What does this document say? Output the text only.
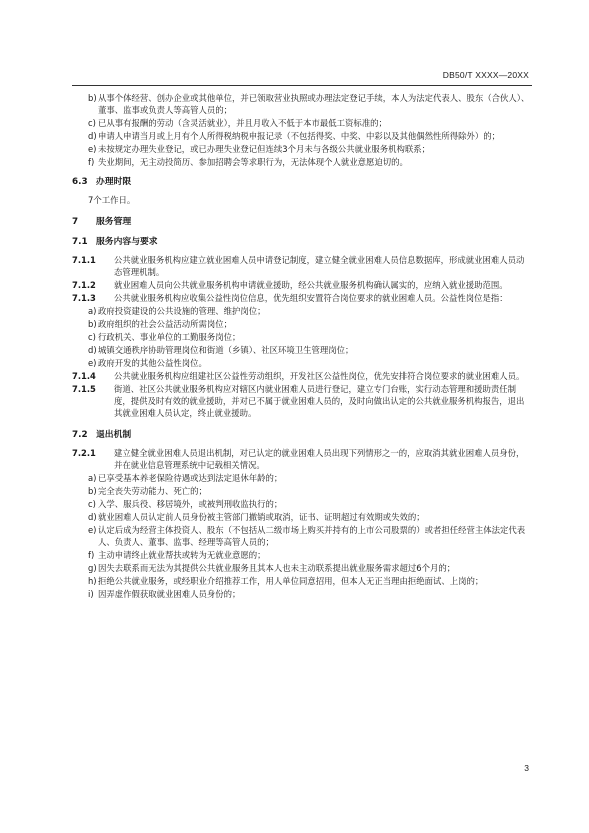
DB50/T XXXX—20XX
b) 从事个体经营、创办企业或其他单位，并已领取营业执照或办理法定登记手续，本人为法定代表人、股东（合伙人）、董事、监事或负责人等高管人员的；
c) 已从事有报酬的劳动（含灵活就业），并且月收入不低于本市最低工资标准的；
d) 申请人申请当月或上月有个人所得税纳税申报记录（不包括得奖、中奖、中彩以及其他偶然性所得除外）的；
e) 未按规定办理失业登记，或已办理失业登记但连续3个月未与各级公共就业服务机构联系；
f) 失业期间，无主动投简历、参加招聘会等求职行为，无法体现个人就业意愿迫切的。
6.3 办理时限
7个工作日。
7	服务管理
7.1 服务内容与要求
7.1.1	公共就业服务机构应建立就业困难人员申请登记制度，建立健全就业困难人员信息数据库，形成就业困难人员动态管理机制。
7.1.2	就业困难人员向公共就业服务机构申请就业援助，经公共就业服务机构确认属实的，应纳入就业援助范围。
7.1.3	公共就业服务机构应收集公益性岗位信息，优先组织安置符合岗位要求的就业困难人员。公益性岗位是指：
a) 政府投资建设的公共设施的管理、维护岗位；
b) 政府组织的社会公益活动所需岗位；
c) 行政机关、事业单位的工勤服务岗位；
d) 城镇交通秩序协助管理岗位和街道（乡镇）、社区环境卫生管理岗位；
e) 政府开发的其他公益性岗位。
7.1.4	公共就业服务机构应组建社区公益性劳动组织，开发社区公益性岗位，优先安排符合岗位要求的就业困难人员。
7.1.5	街道、社区公共就业服务机构应对辖区内就业困难人员进行登记，建立专门台账，实行动态管理和援助责任制度，提供及时有效的就业援助，并对已不属于就业困难人员的，及时向做出认定的公共就业服务机构报告，退出其就业困难人员认定，终止就业援助。
7.2 退出机制
7.2.1	建立健全就业困难人员退出机制，对已认定的就业困难人员出现下列情形之一的，应取消其就业困难人员身份，并在就业信息管理系统中记载相关情况。
a) 已享受基本养老保险待遇或达到法定退休年龄的；
b) 完全丧失劳动能力、死亡的；
c) 入学、服兵役、移居境外，或被判刑收监执行的；
d) 就业困难人员认定前人员身份被主管部门撤销或取消，证书、证明超过有效期或失效的；
e) 认定后成为经营主体投资人、股东（不包括从二级市场上购买并持有的上市公司股票的）或者担任经营主体法定代表人、负责人、董事、监事、经理等高管人员的；
f) 主动申请终止就业帮扶或转为无就业意愿的；
g) 因失去联系而无法为其提供公共就业服务且其本人也未主动联系提出就业服务需求超过6个月的；
h) 拒绝公共就业服务，或经职业介绍推荐工作，用人单位同意招用，但本人无正当理由拒绝面试、上岗的；
i) 因弄虚作假获取就业困难人员身份的；
3
